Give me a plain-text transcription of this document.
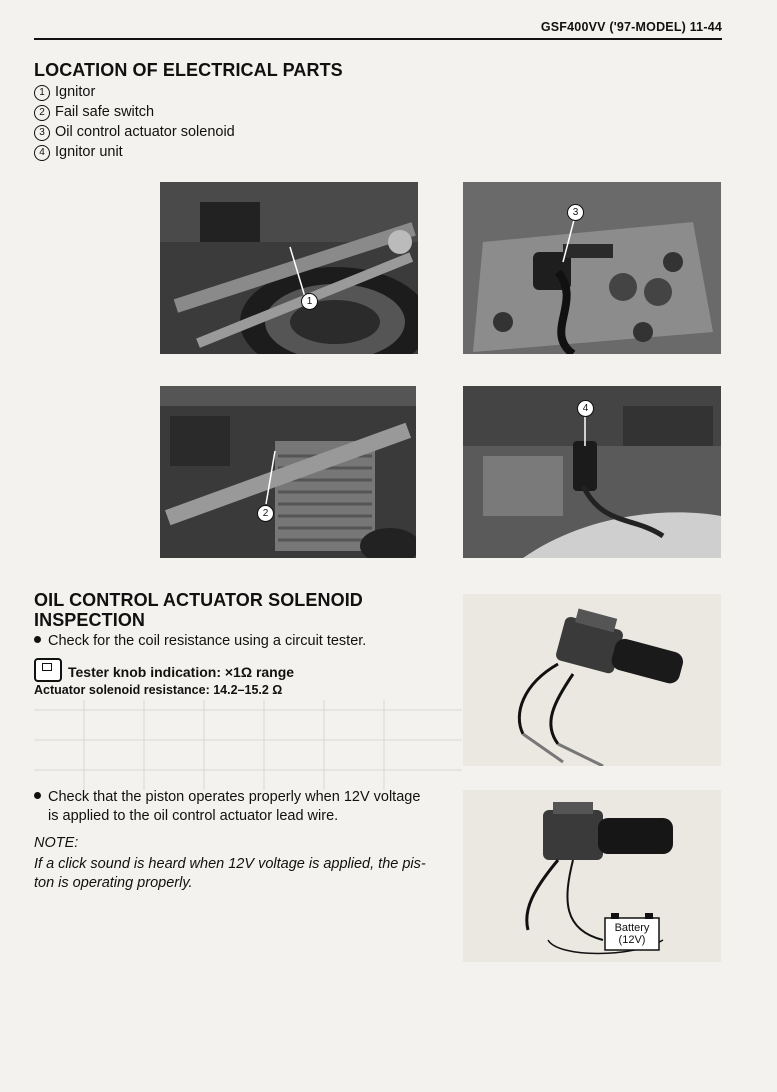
GSF400VV ('97-MODEL) 11-44
LOCATION OF ELECTRICAL PARTS
1 Ignitor
2 Fail safe switch
3 Oil control actuator solenoid
4 Ignitor unit
1
3
2
4
OIL CONTROL ACTUATOR SOLENOID
INSPECTION
Check for the coil resistance using a circuit tester.
Tester knob indication: ×1Ω range
Actuator solenoid resistance: 14.2–15.2 Ω
Check that the piston operates properly when 12V voltage
is applied to the oil control actuator lead wire.
NOTE:
If a click sound is heard when 12V voltage is applied, the pis-
ton is operating properly.
Battery
(12V)
